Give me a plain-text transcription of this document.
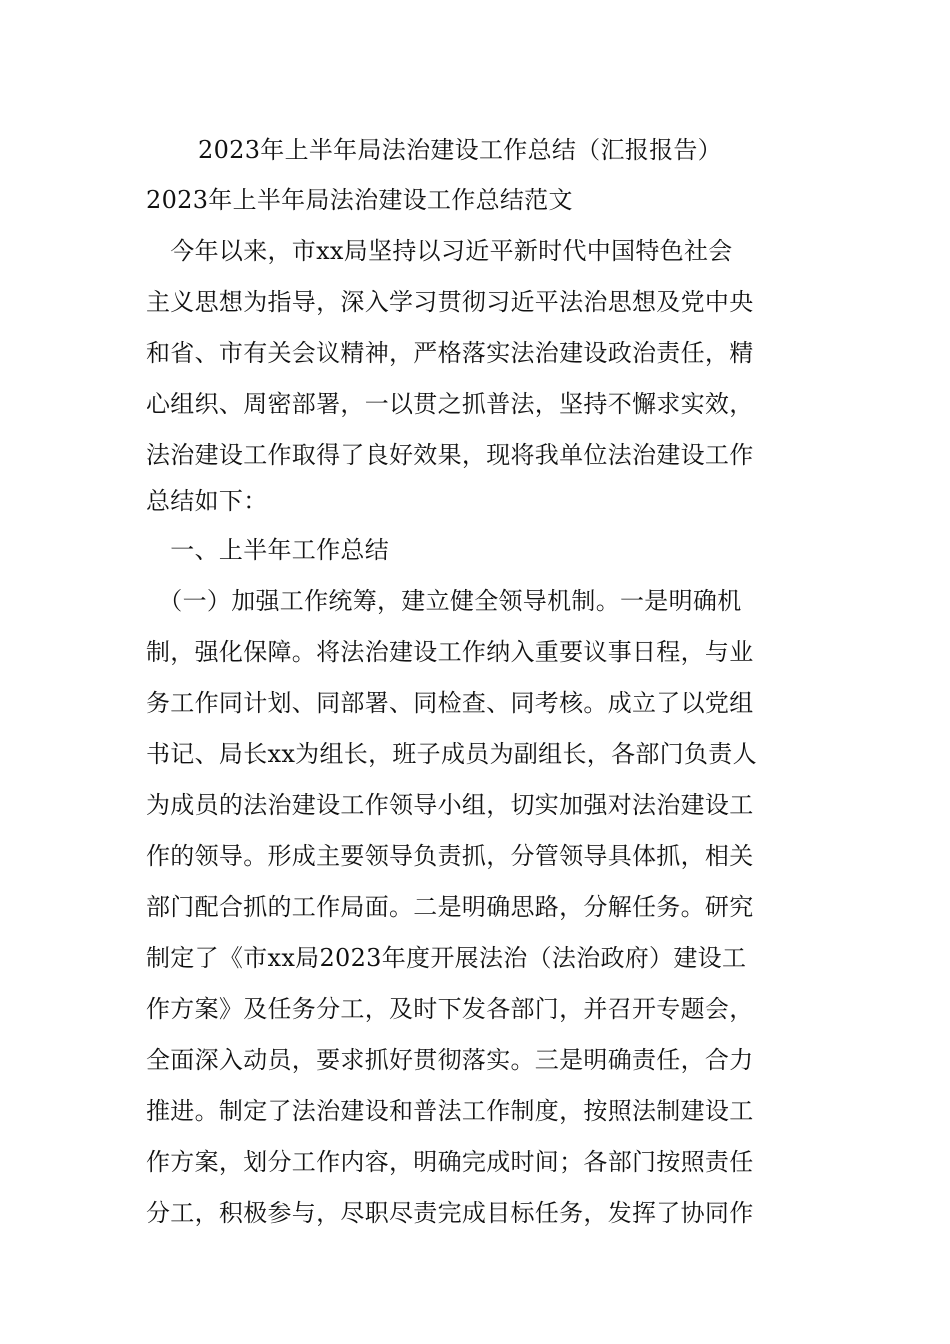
2023年上半年局法治建设工作总结（汇报报告）
2023年上半年局法治建设工作总结范文
　今年以来，市xx局坚持以习近平新时代中国特色社会
主义思想为指导，深入学习贯彻习近平法治思想及党中央
和省、市有关会议精神，严格落实法治建设政治责任，精
心组织、周密部署，一以贯之抓普法，坚持不懈求实效，
法治建设工作取得了良好效果，现将我单位法治建设工作
总结如下：
　一、上半年工作总结
　（一）加强工作统筹，建立健全领导机制。一是明确机
制，强化保障。将法治建设工作纳入重要议事日程，与业
务工作同计划、同部署、同检查、同考核。成立了以党组
书记、局长xx为组长，班子成员为副组长，各部门负责人
为成员的法治建设工作领导小组，切实加强对法治建设工
作的领导。形成主要领导负责抓，分管领导具体抓，相关
部门配合抓的工作局面。二是明确思路，分解任务。研究
制定了《市xx局2023年度开展法治（法治政府）建设工
作方案》及任务分工，及时下发各部门，并召开专题会，
全面深入动员，要求抓好贯彻落实。三是明确责任，合力
推进。制定了法治建设和普法工作制度，按照法制建设工
作方案，划分工作内容，明确完成时间；各部门按照责任
分工，积极参与，尽职尽责完成目标任务，发挥了协同作
